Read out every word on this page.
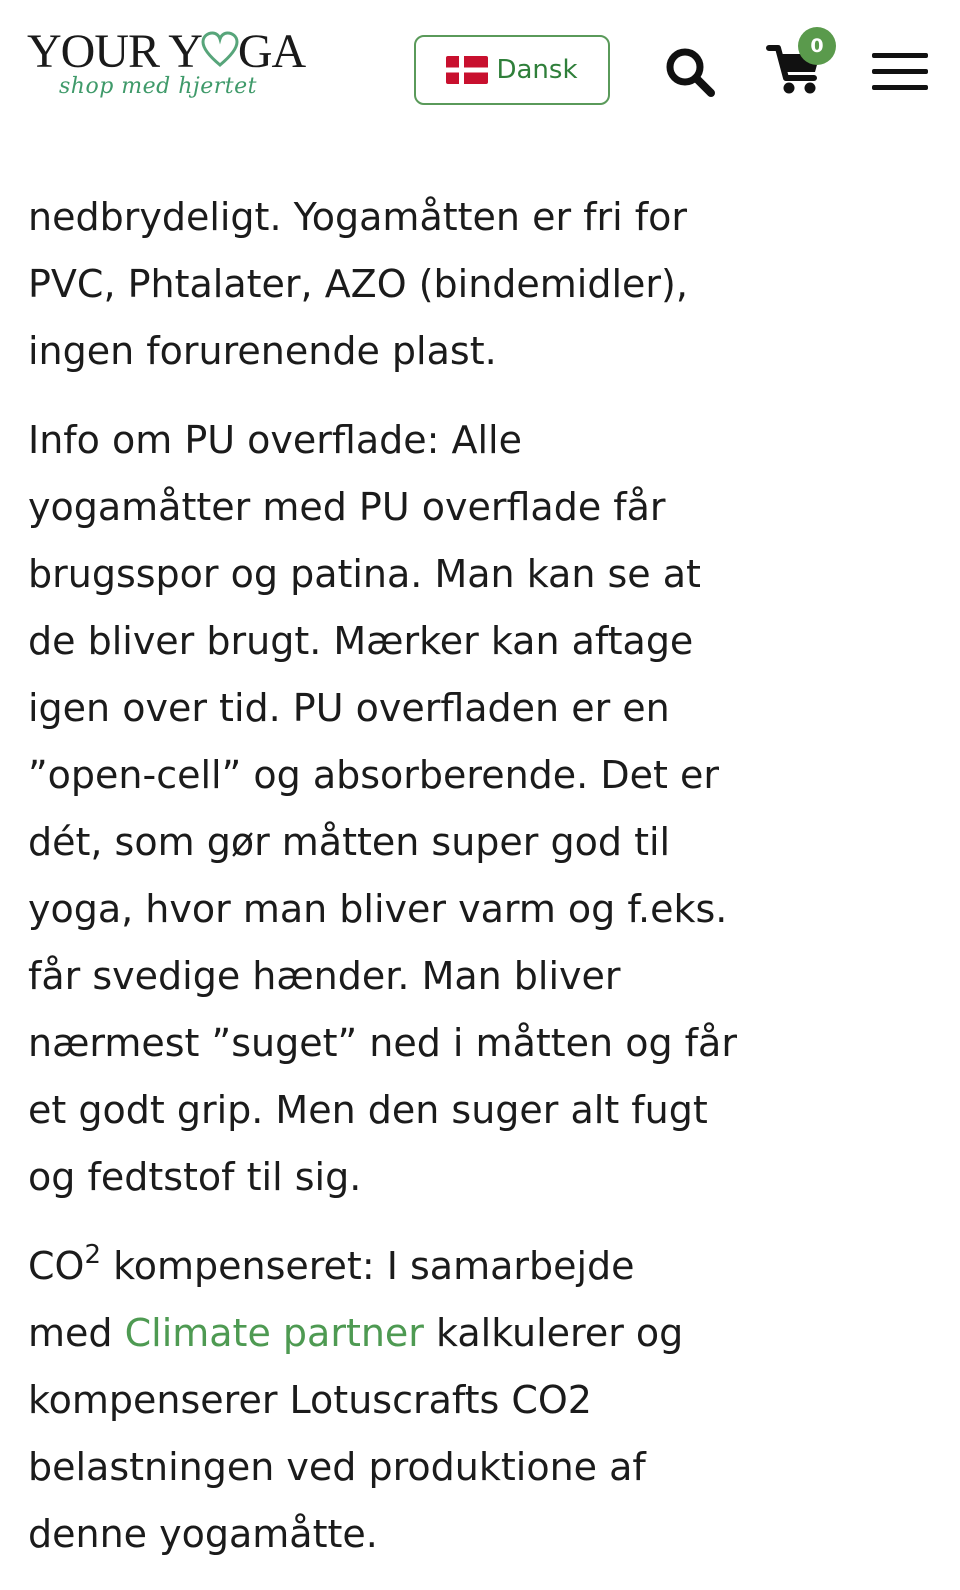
YOUR Y GA
shop med hjertet
Dansk
0

nedbrydeligt. Yogamåtten er fri for
PVC, Phtalater, AZO (bindemidler),
ingen forurenende plast.

Info om PU overflade: Alle
yogamåtter med PU overflade får
brugsspor og patina. Man kan se at
de bliver brugt. Mærker kan aftage
igen over tid. PU overfladen er en
”open-cell” og absorberende. Det er
dét, som gør måtten super god til
yoga, hvor man bliver varm og f.eks.
får svedige hænder. Man bliver
nærmest ”suget” ned i måtten og får
et godt grip. Men den suger alt fugt
og fedtstof til sig.

$CO^2$ kompenseret: I samarbejde
med Climate partner kalkulerer og
kompenserer Lotuscrafts CO2
belastningen ved produktione af
denne yogamåtte.
